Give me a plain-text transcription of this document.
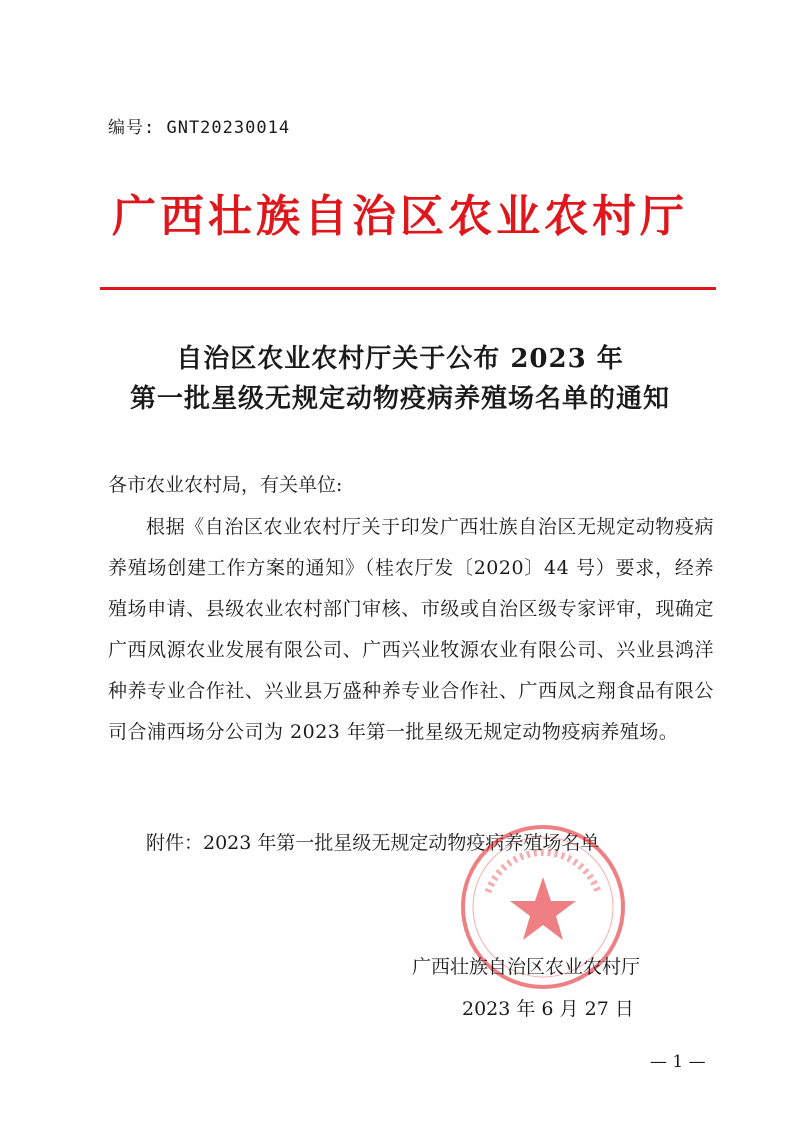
编号: GNT20230014
广西壮族自治区农业农村厅
自治区农业农村厅关于公布 2023 年
第一批星级无规定动物疫病养殖场名单的通知
各市农业农村局，有关单位:
根据《自治区农业农村厅关于印发广西壮族自治区无规定动物疫病养殖场创建工作方案的通知》（桂农厅发〔2020〕44 号）要求，经养殖场申请、县级农业农村部门审核、市级或自治区级专家评审，现确定广西凤源农业发展有限公司、广西兴业牧源农业有限公司、兴业县鸿洋种养专业合作社、兴业县万盛种养专业合作社、广西凤之翔食品有限公司合浦西场分公司为 2023 年第一批星级无规定动物疫病养殖场。
附件：2023 年第一批星级无规定动物疫病养殖场名单
广西壮族自治区农业农村厅
2023 年 6 月 27 日
— 1 —
